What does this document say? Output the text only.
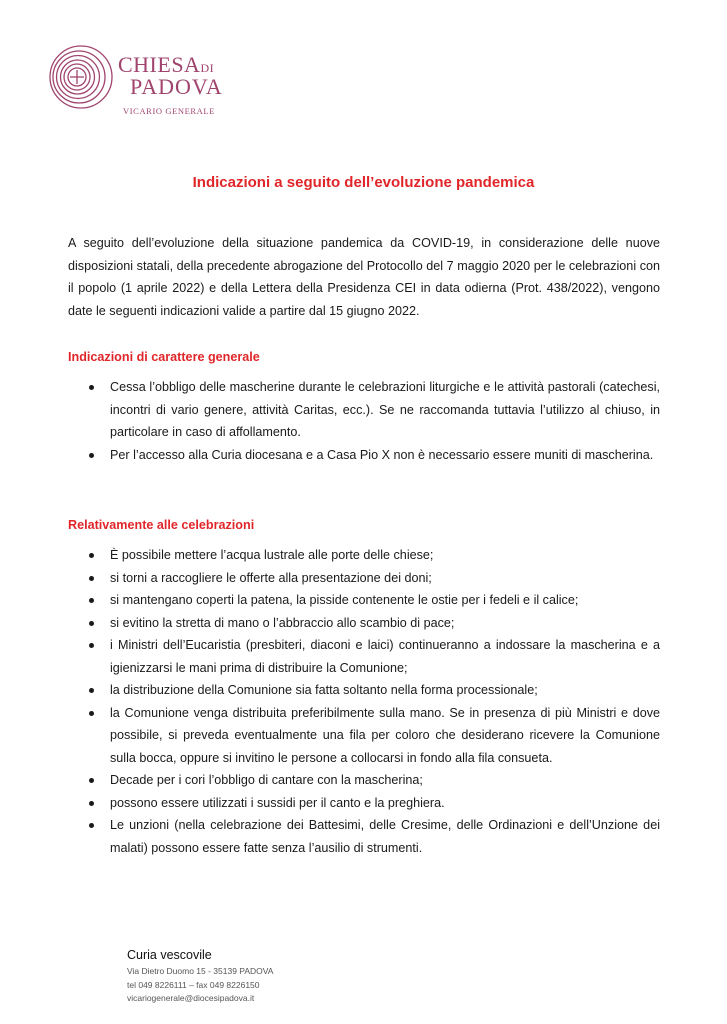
CHIESADI
PADOVA
VICARIO GENERALE
Indicazioni a seguito dell’evoluzione pandemica
A seguito dell’evoluzione della situazione pandemica da COVID-19, in considerazione delle nuove disposizioni statali, della precedente abrogazione del Protocollo del 7 maggio 2020 per le celebrazioni con il popolo (1 aprile 2022) e della Lettera della Presidenza CEI in data odierna (Prot. 438/2022), vengono date le seguenti indicazioni valide a partire dal 15 giugno 2022.
Indicazioni di carattere generale
Cessa l’obbligo delle mascherine durante le celebrazioni liturgiche e le attività pastorali (catechesi, incontri di vario genere, attività Caritas, ecc.). Se ne raccomanda tuttavia l’utilizzo al chiuso, in particolare in caso di affollamento.
Per l’accesso alla Curia diocesana e a Casa Pio X non è necessario essere muniti di mascherina.
Relativamente alle celebrazioni
È possibile mettere l’acqua lustrale alle porte delle chiese;
si torni a raccogliere le offerte alla presentazione dei doni;
si mantengano coperti la patena, la pisside contenente le ostie per i fedeli e il calice;
si evitino la stretta di mano o l’abbraccio allo scambio di pace;
i Ministri dell’Eucaristia (presbiteri, diaconi e laici) continueranno a indossare la mascherina e a igienizzarsi le mani prima di distribuire la Comunione;
la distribuzione della Comunione sia fatta soltanto nella forma processionale;
la Comunione venga distribuita preferibilmente sulla mano. Se in presenza di più Ministri e dove possibile, si preveda eventualmente una fila per coloro che desiderano ricevere la Comunione sulla bocca, oppure si invitino le persone a collocarsi in fondo alla fila consueta.
Decade per i cori l’obbligo di cantare con la mascherina;
possono essere utilizzati i sussidi per il canto e la preghiera.
Le unzioni (nella celebrazione dei Battesimi, delle Cresime, delle Ordinazioni e dell’Unzione dei malati) possono essere fatte senza l’ausilio di strumenti.
Curia vescovile
Via Dietro Duomo 15 - 35139 PADOVA
tel 049 8226111 – fax 049 8226150
vicariogenerale@diocesipadova.it
